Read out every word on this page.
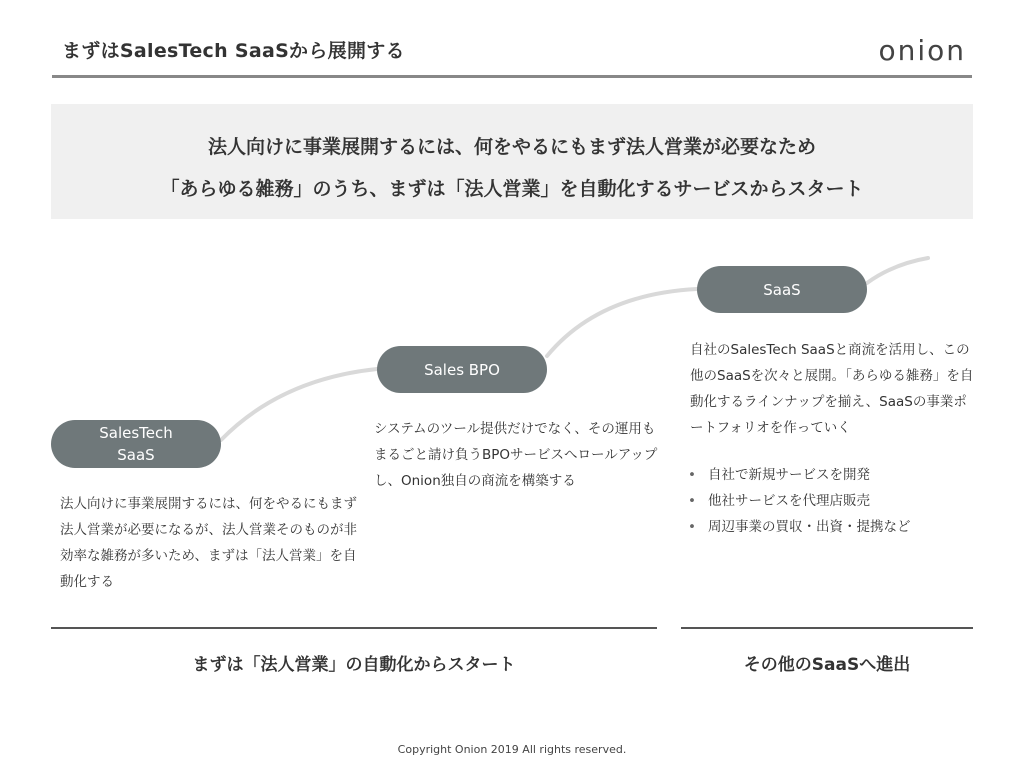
まずはSalesTech SaaSから展開する	onion
法人向けに事業展開するには、何をやるにもまず法人営業が必要なため
「あらゆる雑務」のうち、まずは「法人営業」を自動化するサービスからスタート
SalesTech
SaaS
Sales BPO
SaaS
法人向けに事業展開するには、何をやるにもまず法人営業が必要になるが、法人営業そのものが非効率な雑務が多いため、まずは「法人営業」を自動化する
システムのツール提供だけでなく、その運用もまるごと請け負うBPOサービスへロールアップし、Onion独自の商流を構築する
自社のSalesTech SaaSと商流を活用し、この他のSaaSを次々と展開。「あらゆる雑務」を自動化するラインナップを揃え、SaaSの事業ポートフォリオを作っていく
• 自社で新規サービスを開発
• 他社サービスを代理店販売
• 周辺事業の買収・出資・提携など
まずは「法人営業」の自動化からスタート	その他のSaaSへ進出
Copyright Onion 2019 All rights reserved.
